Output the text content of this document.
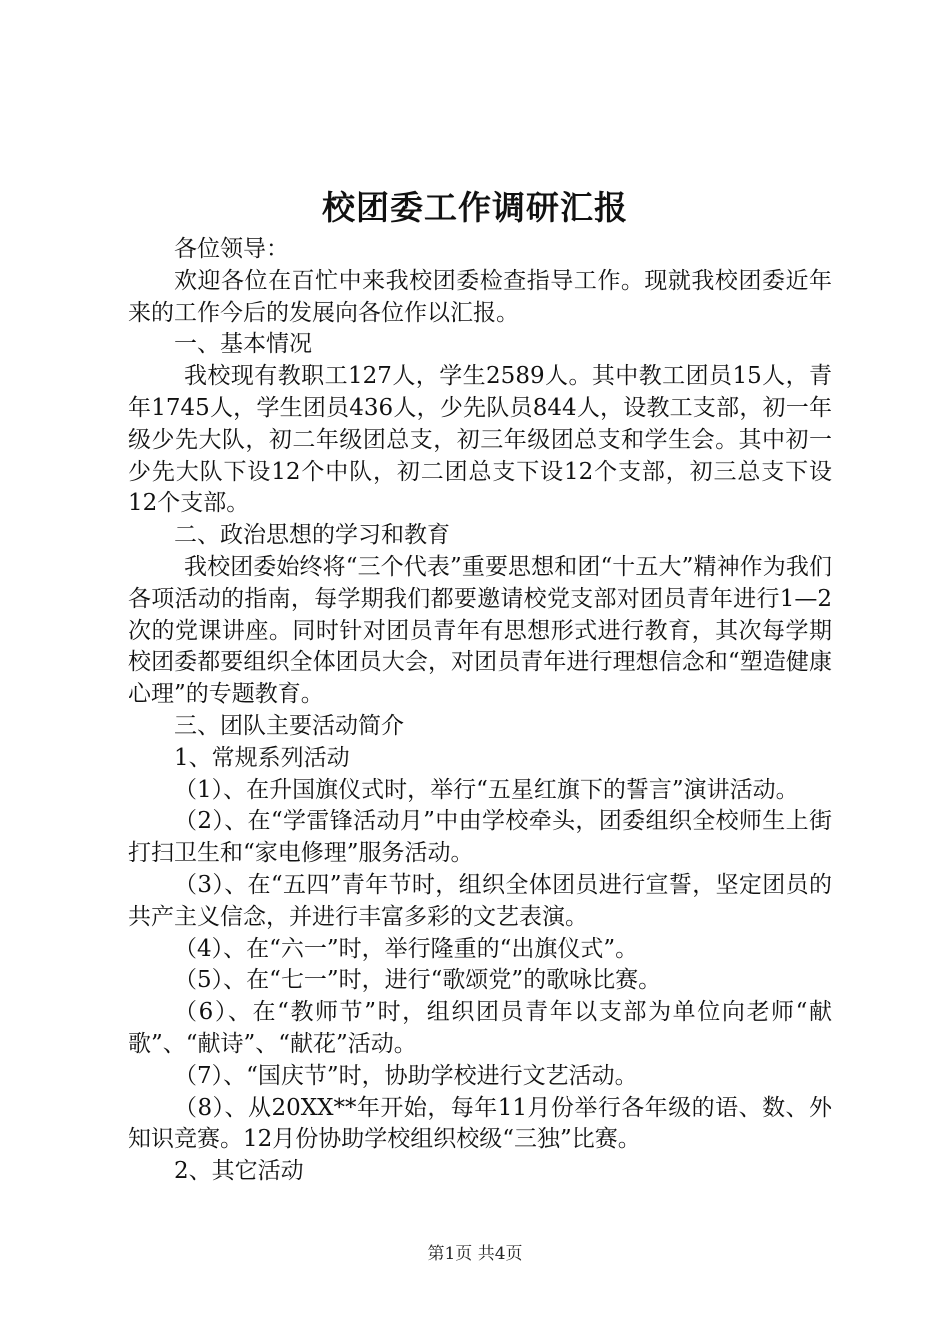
校团委工作调研汇报

各位领导：

欢迎各位在百忙中来我校团委检查指导工作。现就我校团委近年来的工作今后的发展向各位作以汇报。

一、基本情况

我校现有教职工127人，学生2589人。其中教工团员15人，青年1745人，学生团员436人，少先队员844人，设教工支部，初一年级少先大队，初二年级团总支，初三年级团总支和学生会。其中初一少先大队下设12个中队，初二团总支下设12个支部，初三总支下设12个支部。

二、政治思想的学习和教育

我校团委始终将“三个代表”重要思想和团“十五大”精神作为我们各项活动的指南，每学期我们都要邀请校党支部对团员青年进行1—2次的党课讲座。同时针对团员青年有思想形式进行教育，其次每学期校团委都要组织全体团员大会，对团员青年进行理想信念和“塑造健康心理”的专题教育。

三、团队主要活动简介

1、常规系列活动

（1）、在升国旗仪式时，举行“五星红旗下的誓言”演讲活动。

（2）、在“学雷锋活动月”中由学校牵头，团委组织全校师生上街打扫卫生和“家电修理”服务活动。

（3）、在“五四”青年节时，组织全体团员进行宣誓，坚定团员的共产主义信念，并进行丰富多彩的文艺表演。

（4）、在“六一”时，举行隆重的“出旗仪式”。

（5）、在“七一”时，进行“歌颂党”的歌咏比赛。

（6）、在“教师节”时，组织团员青年以支部为单位向老师“献歌”、“献诗”、“献花”活动。

（7）、“国庆节”时，协助学校进行文艺活动。

（8）、从20XX**年开始，每年11月份举行各年级的语、数、外知识竞赛。12月份协助学校组织校级“三独”比赛。

2、其它活动

第1页 共4页
